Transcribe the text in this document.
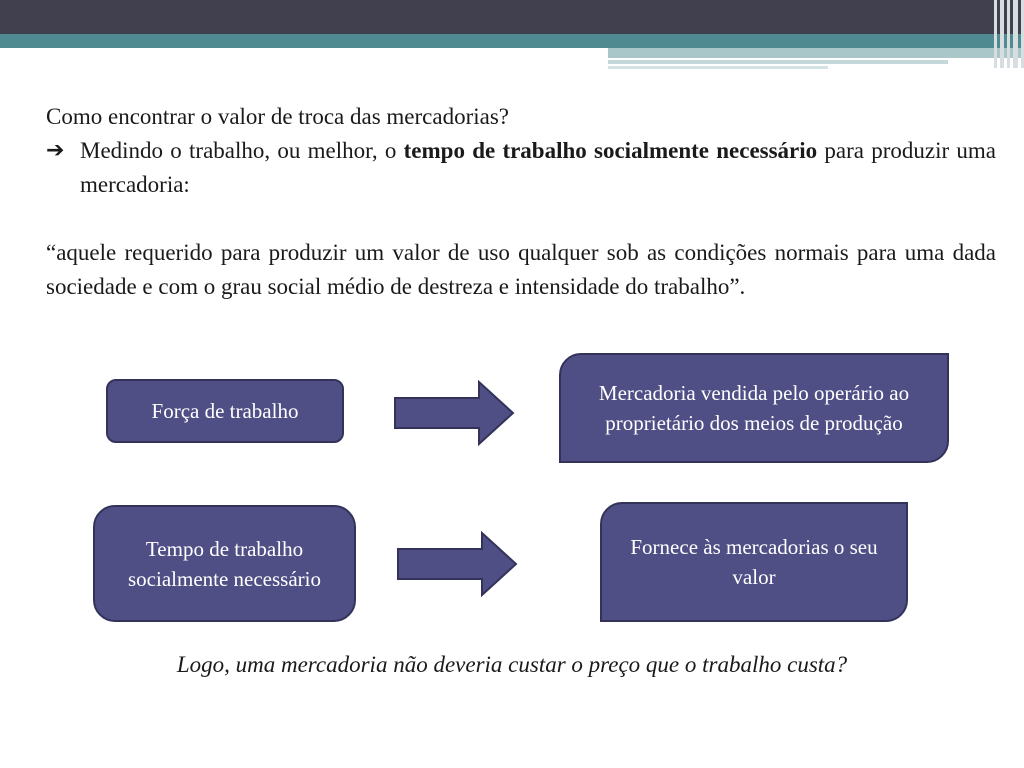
Como encontrar o valor de troca das mercadorias?

➔ Medindo o trabalho, ou melhor, o tempo de trabalho socialmente necessário para produzir uma mercadoria:

“aquele requerido para produzir um valor de uso qualquer sob as condições normais para uma dada sociedade e com o grau social médio de destreza e intensidade do trabalho”.

Força de trabalho
Mercadoria vendida pelo operário ao proprietário dos meios de produção
Tempo de trabalho socialmente necessário
Fornece às mercadorias o seu valor
Logo, uma mercadoria não deveria custar o preço que o trabalho custa?
